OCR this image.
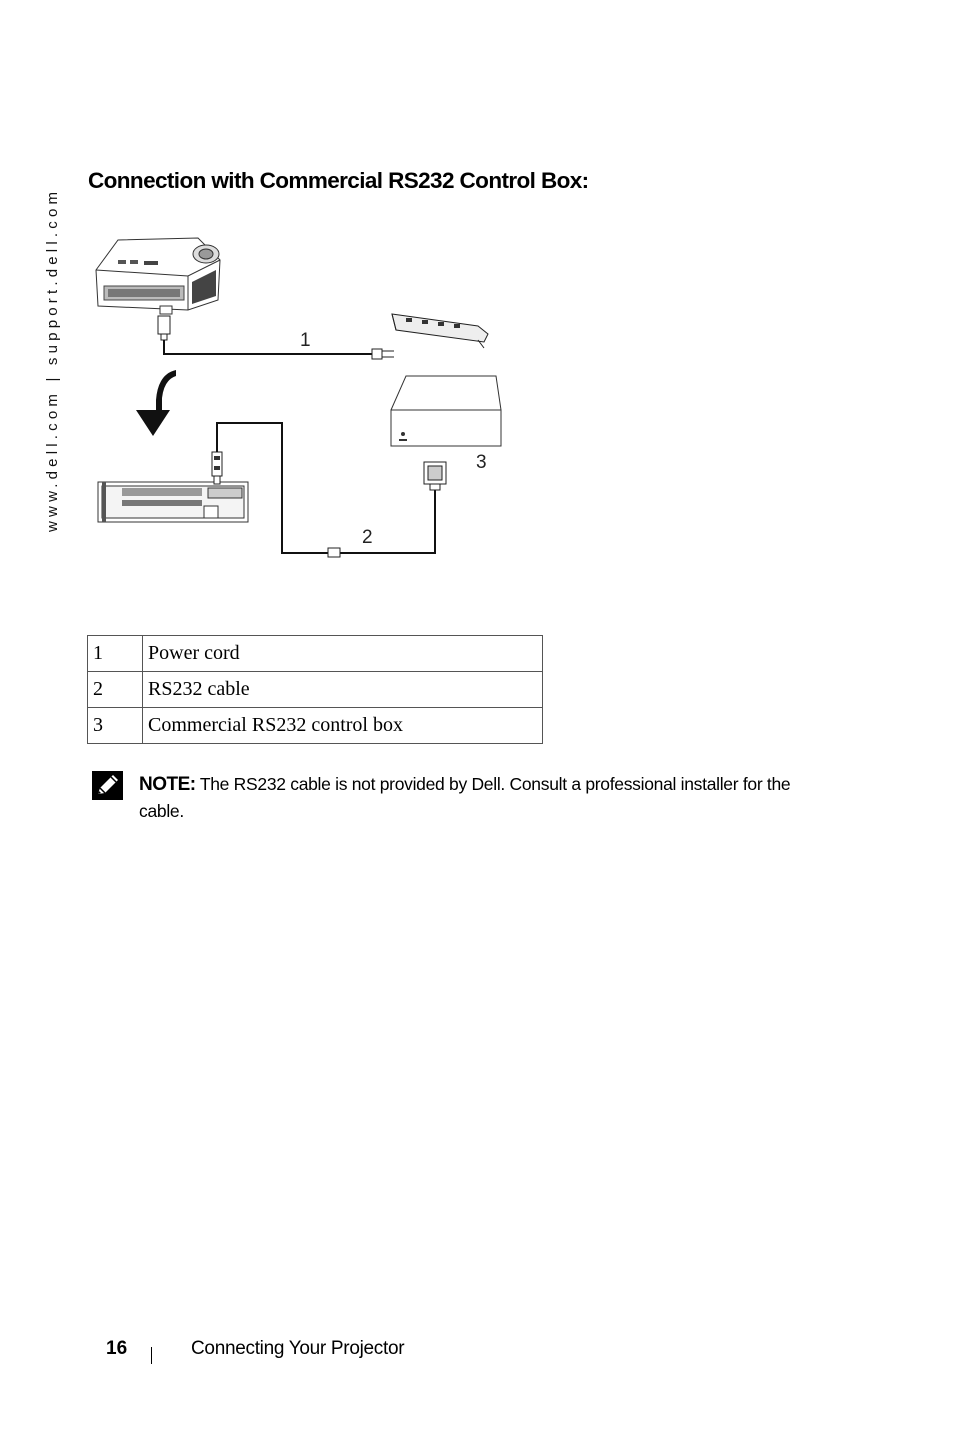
www.dell.com | support.dell.com
Connection with Commercial RS232 Control Box:
1
2
3
1	Power cord
2	RS232 cable
3	Commercial RS232 control box
NOTE: The RS232 cable is not provided by Dell. Consult a professional installer for the cable.
16	Connecting Your Projector
